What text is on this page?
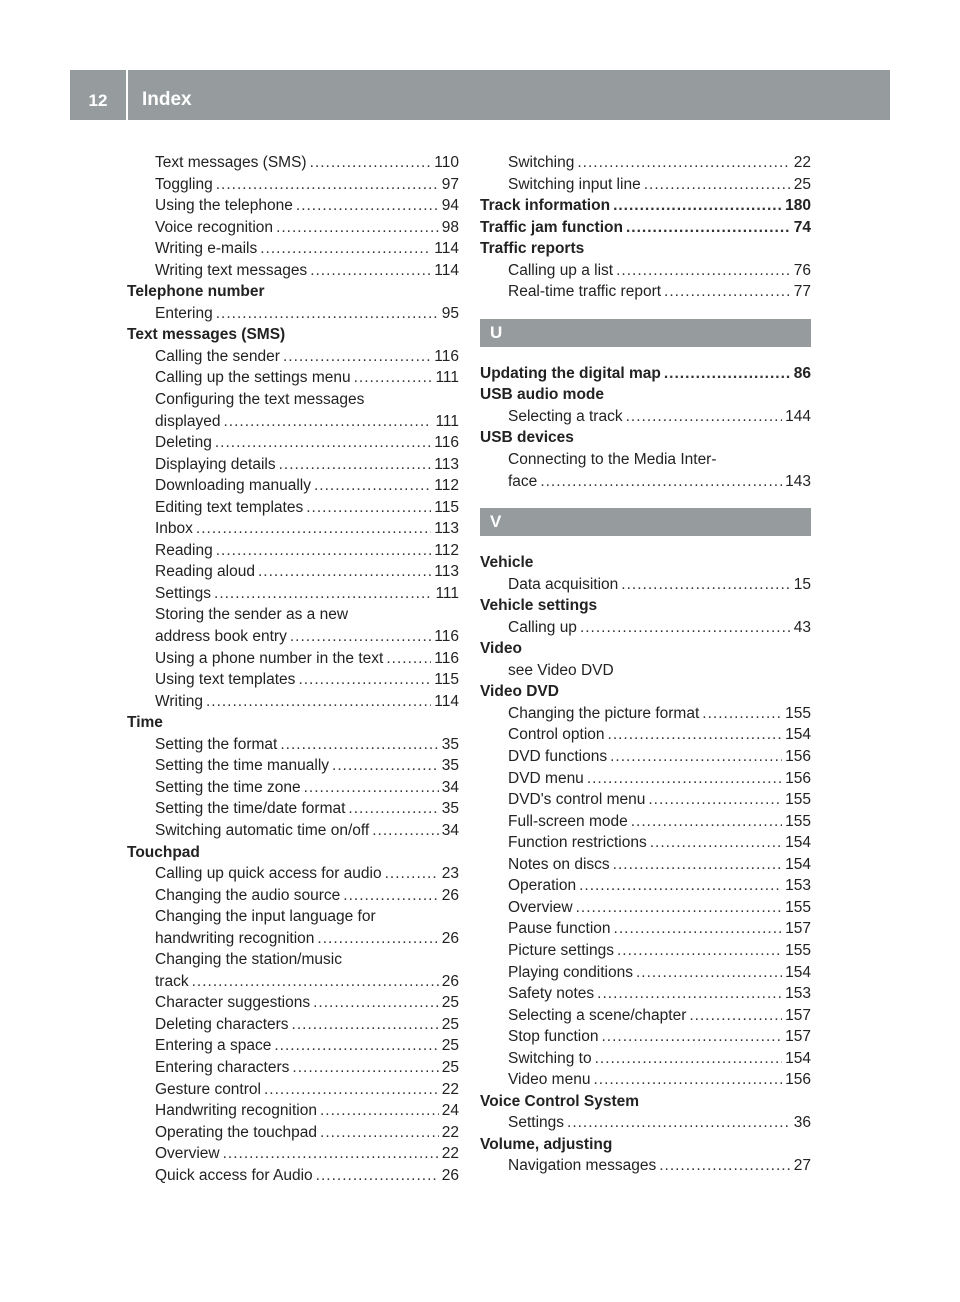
12	Index
Text messages (SMS) .....	110
Toggling .....	97
Using the telephone .....	94
Voice recognition .....	98
Writing e-mails .....	114
Writing text messages .....	114
Telephone number
Entering .....	95
Text messages (SMS)
Calling the sender .....	116
Calling up the settings menu .....	111
Configuring the text messages
displayed .....	111
Deleting .....	116
Displaying details .....	113
Downloading manually .....	112
Editing text templates .....	115
Inbox .....	113
Reading .....	112
Reading aloud .....	113
Settings .....	111
Storing the sender as a new
address book entry .....	116
Using a phone number in the text .....	116
Using text templates .....	115
Writing .....	114
Time
Setting the format .....	35
Setting the time manually .....	35
Setting the time zone .....	34
Setting the time/date format .....	35
Switching automatic time on/off .....	34
Touchpad
Calling up quick access for audio .....	23
Changing the audio source .....	26
Changing the input language for
handwriting recognition .....	26
Changing the station/music
track .....	26
Character suggestions .....	25
Deleting characters .....	25
Entering a space .....	25
Entering characters .....	25
Gesture control .....	22
Handwriting recognition .....	24
Operating the touchpad .....	22
Overview .....	22
Quick access for Audio .....	26
Switching .....	22
Switching input line .....	25
Track information .....	180
Traffic jam function .....	74
Traffic reports
Calling up a list .....	76
Real-time traffic report .....	77
U
Updating the digital map .....	86
USB audio mode
Selecting a track .....	144
USB devices
Connecting to the Media Inter-
face .....	143
V
Vehicle
Data acquisition .....	15
Vehicle settings
Calling up .....	43
Video
see Video DVD
Video DVD
Changing the picture format .....	155
Control option .....	154
DVD functions .....	156
DVD menu .....	156
DVD's control menu .....	155
Full-screen mode .....	155
Function restrictions .....	154
Notes on discs .....	154
Operation .....	153
Overview .....	155
Pause function .....	157
Picture settings .....	155
Playing conditions .....	154
Safety notes .....	153
Selecting a scene/chapter .....	157
Stop function .....	157
Switching to .....	154
Video menu .....	156
Voice Control System
Settings .....	36
Volume, adjusting
Navigation messages .....	27
